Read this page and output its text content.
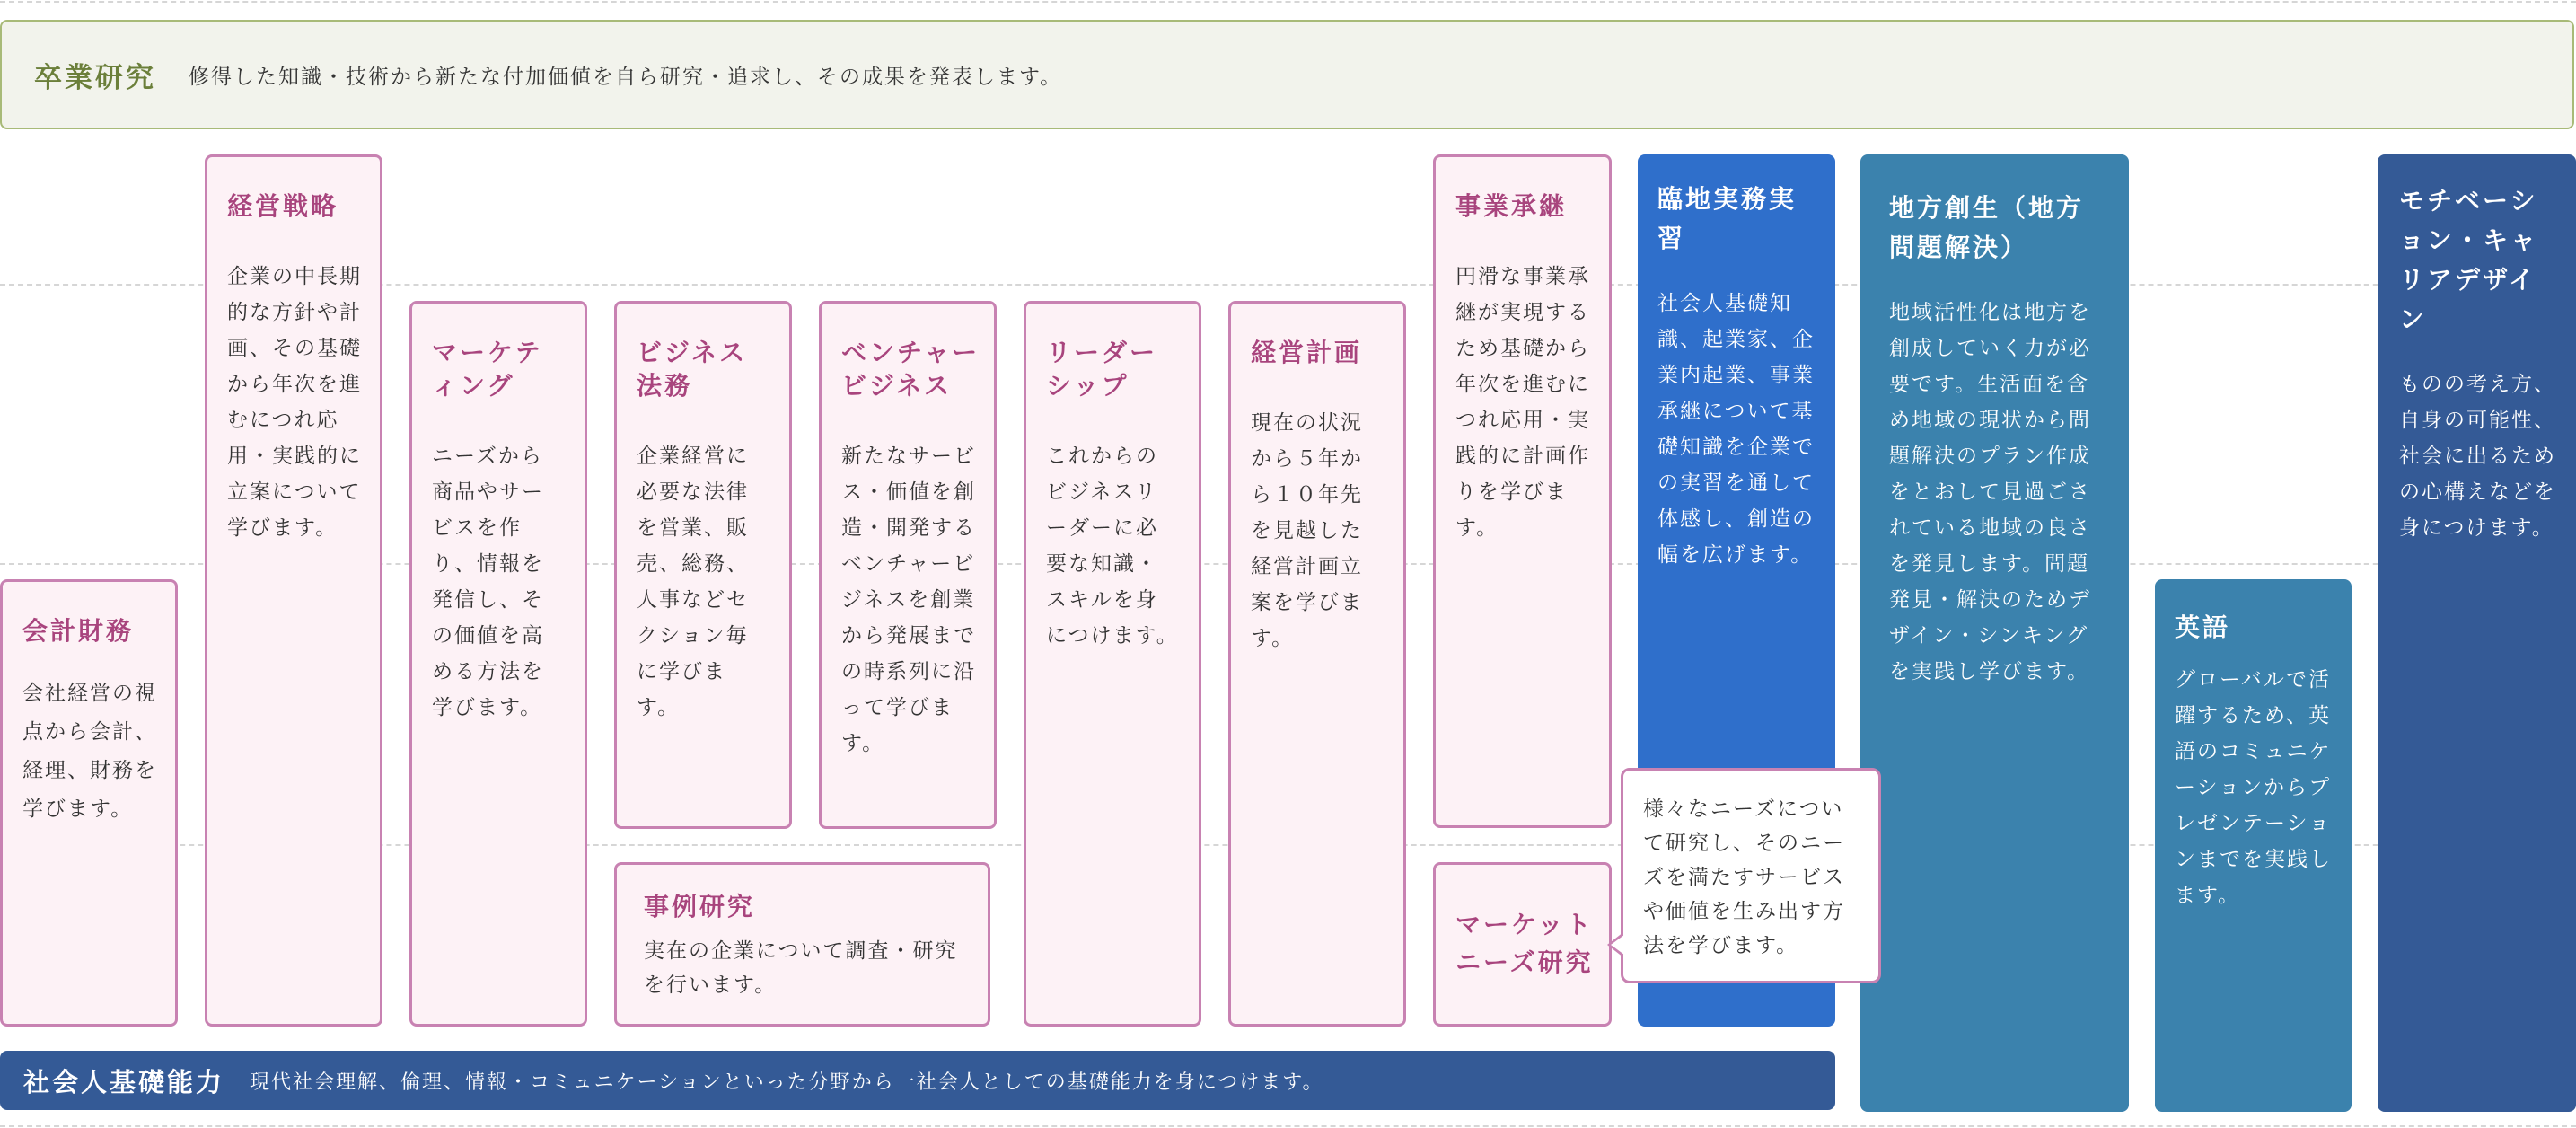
卒業研究 修得した知識・技術から新たな付加価値を自ら研究・追求し、その成果を発表します。

会計財務

会社経営の視点から会計、経理、財務を学びます。

経営戦略

企業の中長期的な方針や計画、その基礎から年次を進むにつれ応用・実践的に立案について学びます。

マーケティング

ニーズから商品やサービスを作り、情報を発信し、その価値を高める方法を学びます。

ビジネス法務

企業経営に必要な法律を営業、販売、総務、人事などセクション毎に学びます。

ベンチャービジネス

新たなサービス・価値を創造・開発するベンチャービジネスを創業から発展までの時系列に沿って学びます。

リーダーシップ

これからのビジネスリーダーに必要な知識・スキルを身につけます。

経営計画

現在の状況から５年から１０年先を見越した経営計画立案を学びます。

事業承継

円滑な事業承継が実現するため基礎から年次を進むにつれ応用・実践的に計画作りを学びます。

事例研究

実在の企業について調査・研究を行います。

マーケットニーズ研究

臨地実務実習

社会人基礎知識、起業家、企業内起業、事業承継について基礎知識を企業での実習を通して体感し、創造の幅を広げます。

地方創生（地方問題解決）

地域活性化は地方を創成していく力が必要です。生活面を含め地域の現状から問題解決のプラン作成をとおして見過ごされている地域の良さを発見します。問題発見・解決のためデザイン・シンキングを実践し学びます。

英語

グローバルで活躍するため、英語のコミュニケーションからプレゼンテーションまでを実践します。

モチベーション・キャリアデザイン

ものの考え方、自身の可能性、社会に出るための心構えなどを身につけます。

様々なニーズについて研究し、そのニーズを満たすサービスや価値を生み出す方法を学びます。
社会人基礎能力 現代社会理解、倫理、情報・コミュニケーションといった分野から一社会人としての基礎能力を身につけます。
